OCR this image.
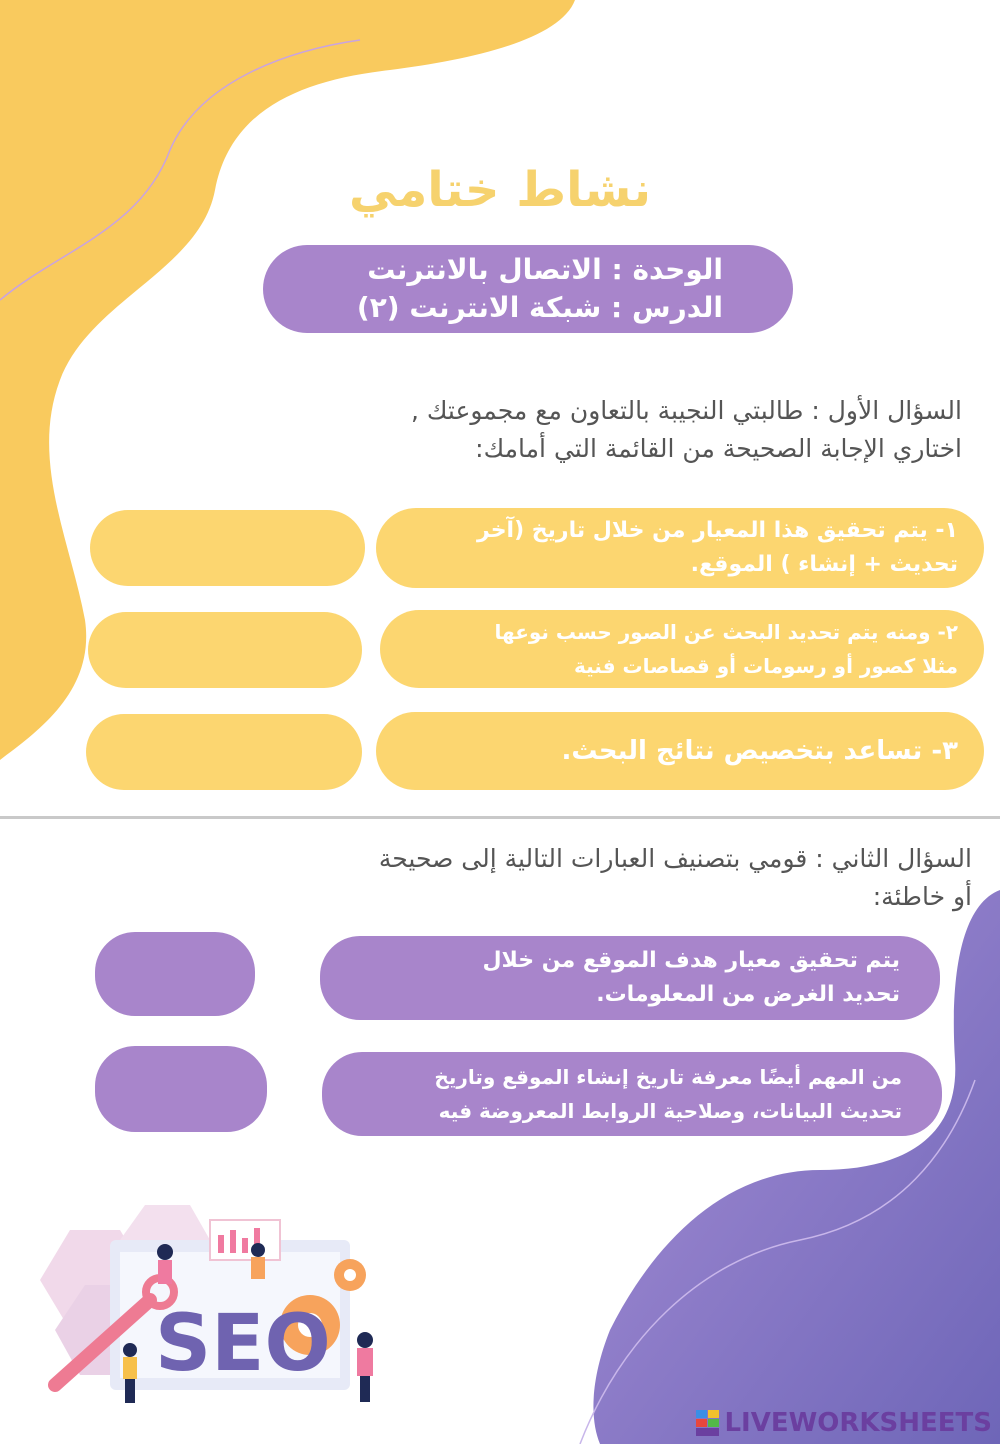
SEO
نشاط ختامي
الوحدة : الاتصال بالانترنت
الدرس : شبكة الانترنت (٢)
السؤال الأول : طالبتي النجيبة بالتعاون مع مجموعتك ,
اختاري الإجابة الصحيحة من القائمة التي أمامك:
١- يتم تحقيق هذا المعيار من خلال تاريخ (آخر
تحديث + إنشاء ) الموقع.
٢- ومنه يتم تحديد البحث عن الصور حسب نوعها
مثلا كصور أو رسومات أو قصاصات فنية
٣- تساعد بتخصيص نتائج البحث.
السؤال الثاني : قومي بتصنيف العبارات التالية إلى صحيحة
أو خاطئة:
يتم تحقيق معيار هدف الموقع من خلال
تحديد الغرض من المعلومات.
من المهم أيضًا معرفة تاريخ إنشاء الموقع وتاريخ
تحديث البيانات، وصلاحية الروابط المعروضة فيه
LIVEWORKSHEETS
